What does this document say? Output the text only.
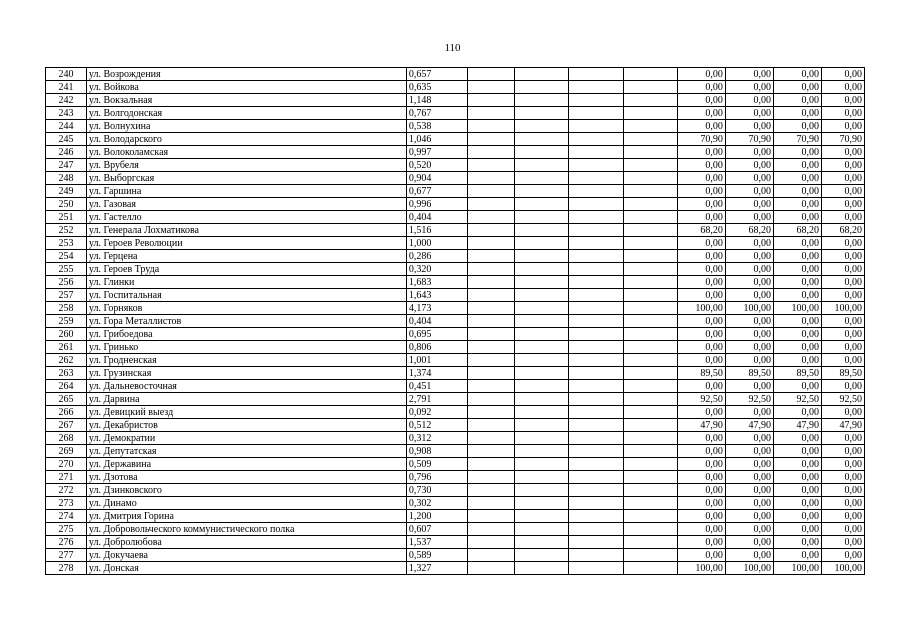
110
240	ул. Возрождения	0,657					0,00	0,00	0,00	0,00
241	ул. Войкова	0,635					0,00	0,00	0,00	0,00
242	ул. Вокзальная	1,148					0,00	0,00	0,00	0,00
243	ул. Волгодонская	0,767					0,00	0,00	0,00	0,00
244	ул. Волнухина	0,538					0,00	0,00	0,00	0,00
245	ул. Володарского	1,046					70,90	70,90	70,90	70,90
246	ул. Волоколамская	0,997					0,00	0,00	0,00	0,00
247	ул. Врубеля	0,520					0,00	0,00	0,00	0,00
248	ул. Выборгская	0,904					0,00	0,00	0,00	0,00
249	ул. Гаршина	0,677					0,00	0,00	0,00	0,00
250	ул. Газовая	0,996					0,00	0,00	0,00	0,00
251	ул. Гастелло	0,404					0,00	0,00	0,00	0,00
252	ул. Генерала Лохматикова	1,516					68,20	68,20	68,20	68,20
253	ул. Героев Революции	1,000					0,00	0,00	0,00	0,00
254	ул. Герцена	0,286					0,00	0,00	0,00	0,00
255	ул. Героев Труда	0,320					0,00	0,00	0,00	0,00
256	ул. Глинки	1,683					0,00	0,00	0,00	0,00
257	ул. Госпитальная	1,643					0,00	0,00	0,00	0,00
258	ул. Горняков	4,173					100,00	100,00	100,00	100,00
259	ул. Гора Металлистов	0,404					0,00	0,00	0,00	0,00
260	ул. Грибоедова	0,695					0,00	0,00	0,00	0,00
261	ул. Гринько	0,806					0,00	0,00	0,00	0,00
262	ул. Гродненская	1,001					0,00	0,00	0,00	0,00
263	ул. Грузинская	1,374					89,50	89,50	89,50	89,50
264	ул. Дальневосточная	0,451					0,00	0,00	0,00	0,00
265	ул. Дарвина	2,791					92,50	92,50	92,50	92,50
266	ул. Девицкий выезд	0,092					0,00	0,00	0,00	0,00
267	ул. Декабристов	0,512					47,90	47,90	47,90	47,90
268	ул. Демократии	0,312					0,00	0,00	0,00	0,00
269	ул. Депутатская	0,908					0,00	0,00	0,00	0,00
270	ул. Державина	0,509					0,00	0,00	0,00	0,00
271	ул. Дзотова	0,796					0,00	0,00	0,00	0,00
272	ул. Дзинковского	0,730					0,00	0,00	0,00	0,00
273	ул. Динамо	0,302					0,00	0,00	0,00	0,00
274	ул. Дмитрия Горина	1,200					0,00	0,00	0,00	0,00
275	ул. Добровольческого коммунистического полка	0,607					0,00	0,00	0,00	0,00
276	ул. Добролюбова	1,537					0,00	0,00	0,00	0,00
277	ул. Докучаева	0,589					0,00	0,00	0,00	0,00
278	ул. Донская	1,327					100,00	100,00	100,00	100,00
